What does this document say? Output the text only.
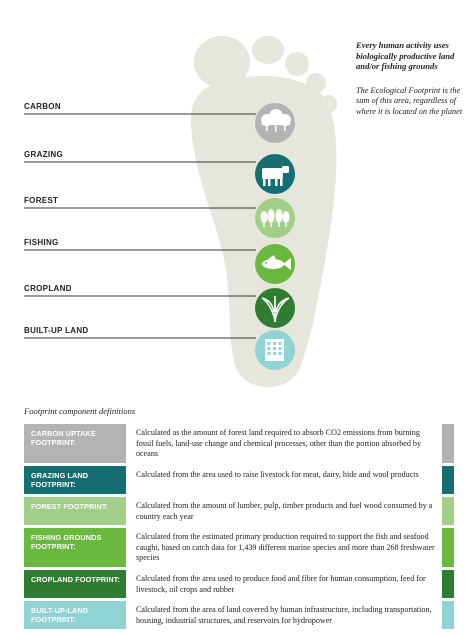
CARBON
GRAZING
FOREST
FISHING
CROPLAND
BUILT-UP LAND
Every human activity uses biologically productive land and/or fishing grounds
The Ecological Footprint is the sum of this area, regardless of where it is located on the planet
Footprint component definitions
CARBON UPTAKE FOOTPRINT:
Calculated as the amount of forest land required to absorb CO2 emissions from burning fossil fuels, land-use change and chemical processes, other than the portion absorbed by oceans
GRAZING LAND FOOTPRINT:
Calculated from the area used to raise livestock for meat, dairy, hide and wool products
FOREST FOOTPRINT:	Calculated from the amount of lumber, pulp, timber products and fuel wood consumed by a country each year
FISHING GROUNDS FOOTPRINT:
Calculated from the estimated primary production required to support the fish and seafood caught, based on catch data for 1,439 different marine species and more than 268 freshwater species
CROPLAND FOOTPRINT:	Calculated from the area used to produce food and fibre for human consumption, feed for livestock, oil crops and rubber
BUILT-UP-LAND FOOTPRINT:
Calculated from the area of land covered by human infrastructure, including transportation, housing, industrial structures, and reservoirs for hydropower
